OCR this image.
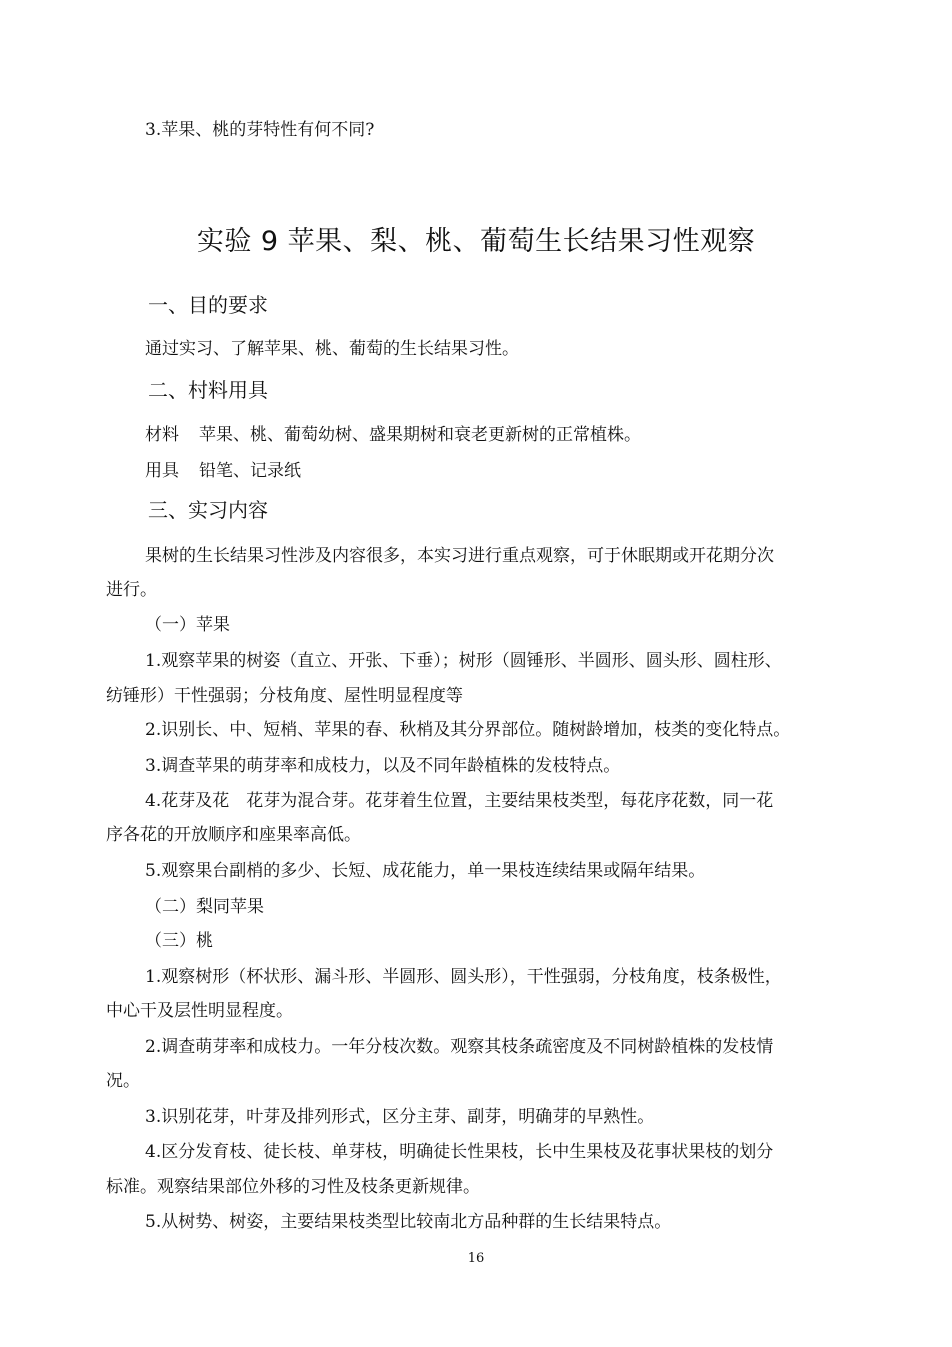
3.苹果、桃的芽特性有何不同?
实验 9 苹果、梨、桃、葡萄生长结果习性观察
一、目的要求
通过实习、了解苹果、桃、葡萄的生长结果习性。
二、村料用具
材料 苹果、桃、葡萄幼树、盛果期树和衰老更新树的正常植株。
用具 铅笔、记录纸
三、实习内容
果树的生长结果习性涉及内容很多，本实习进行重点观察，可于休眠期或开花期分次
进行。
（一）苹果
1.观察苹果的树姿（直立、开张、下垂）；树形（圆锤形、半圆形、圆头形、圆柱形、
纺锤形）干性强弱；分枝角度、屋性明显程度等
2.识别长、中、短梢、苹果的春、秋梢及其分界部位。随树龄增加，枝类的变化特点。
3.调查苹果的萌芽率和成枝力，以及不同年龄植株的发枝特点。
4.花芽及花　花芽为混合芽。花芽着生位置，主要结果枝类型，每花序花数，同一花
序各花的开放顺序和座果率高低。
5.观察果台副梢的多少、长短、成花能力，单一果枝连续结果或隔年结果。
（二）梨同苹果
（三）桃
1.观察树形（杯状形、漏斗形、半圆形、圆头形），干性强弱，分枝角度，枝条极性，
中心干及层性明显程度。
2.调查萌芽率和成枝力。一年分枝次数。观察其枝条疏密度及不同树龄植株的发枝情
况。
3.识别花芽，叶芽及排列形式，区分主芽、副芽，明确芽的早熟性。
4.区分发育枝、徒长枝、单芽枝，明确徒长性果枝，长中生果枝及花事状果枝的划分
标准。观察结果部位外移的习性及枝条更新规律。
5.从树势、树姿，主要结果枝类型比较南北方品种群的生长结果特点。
16
